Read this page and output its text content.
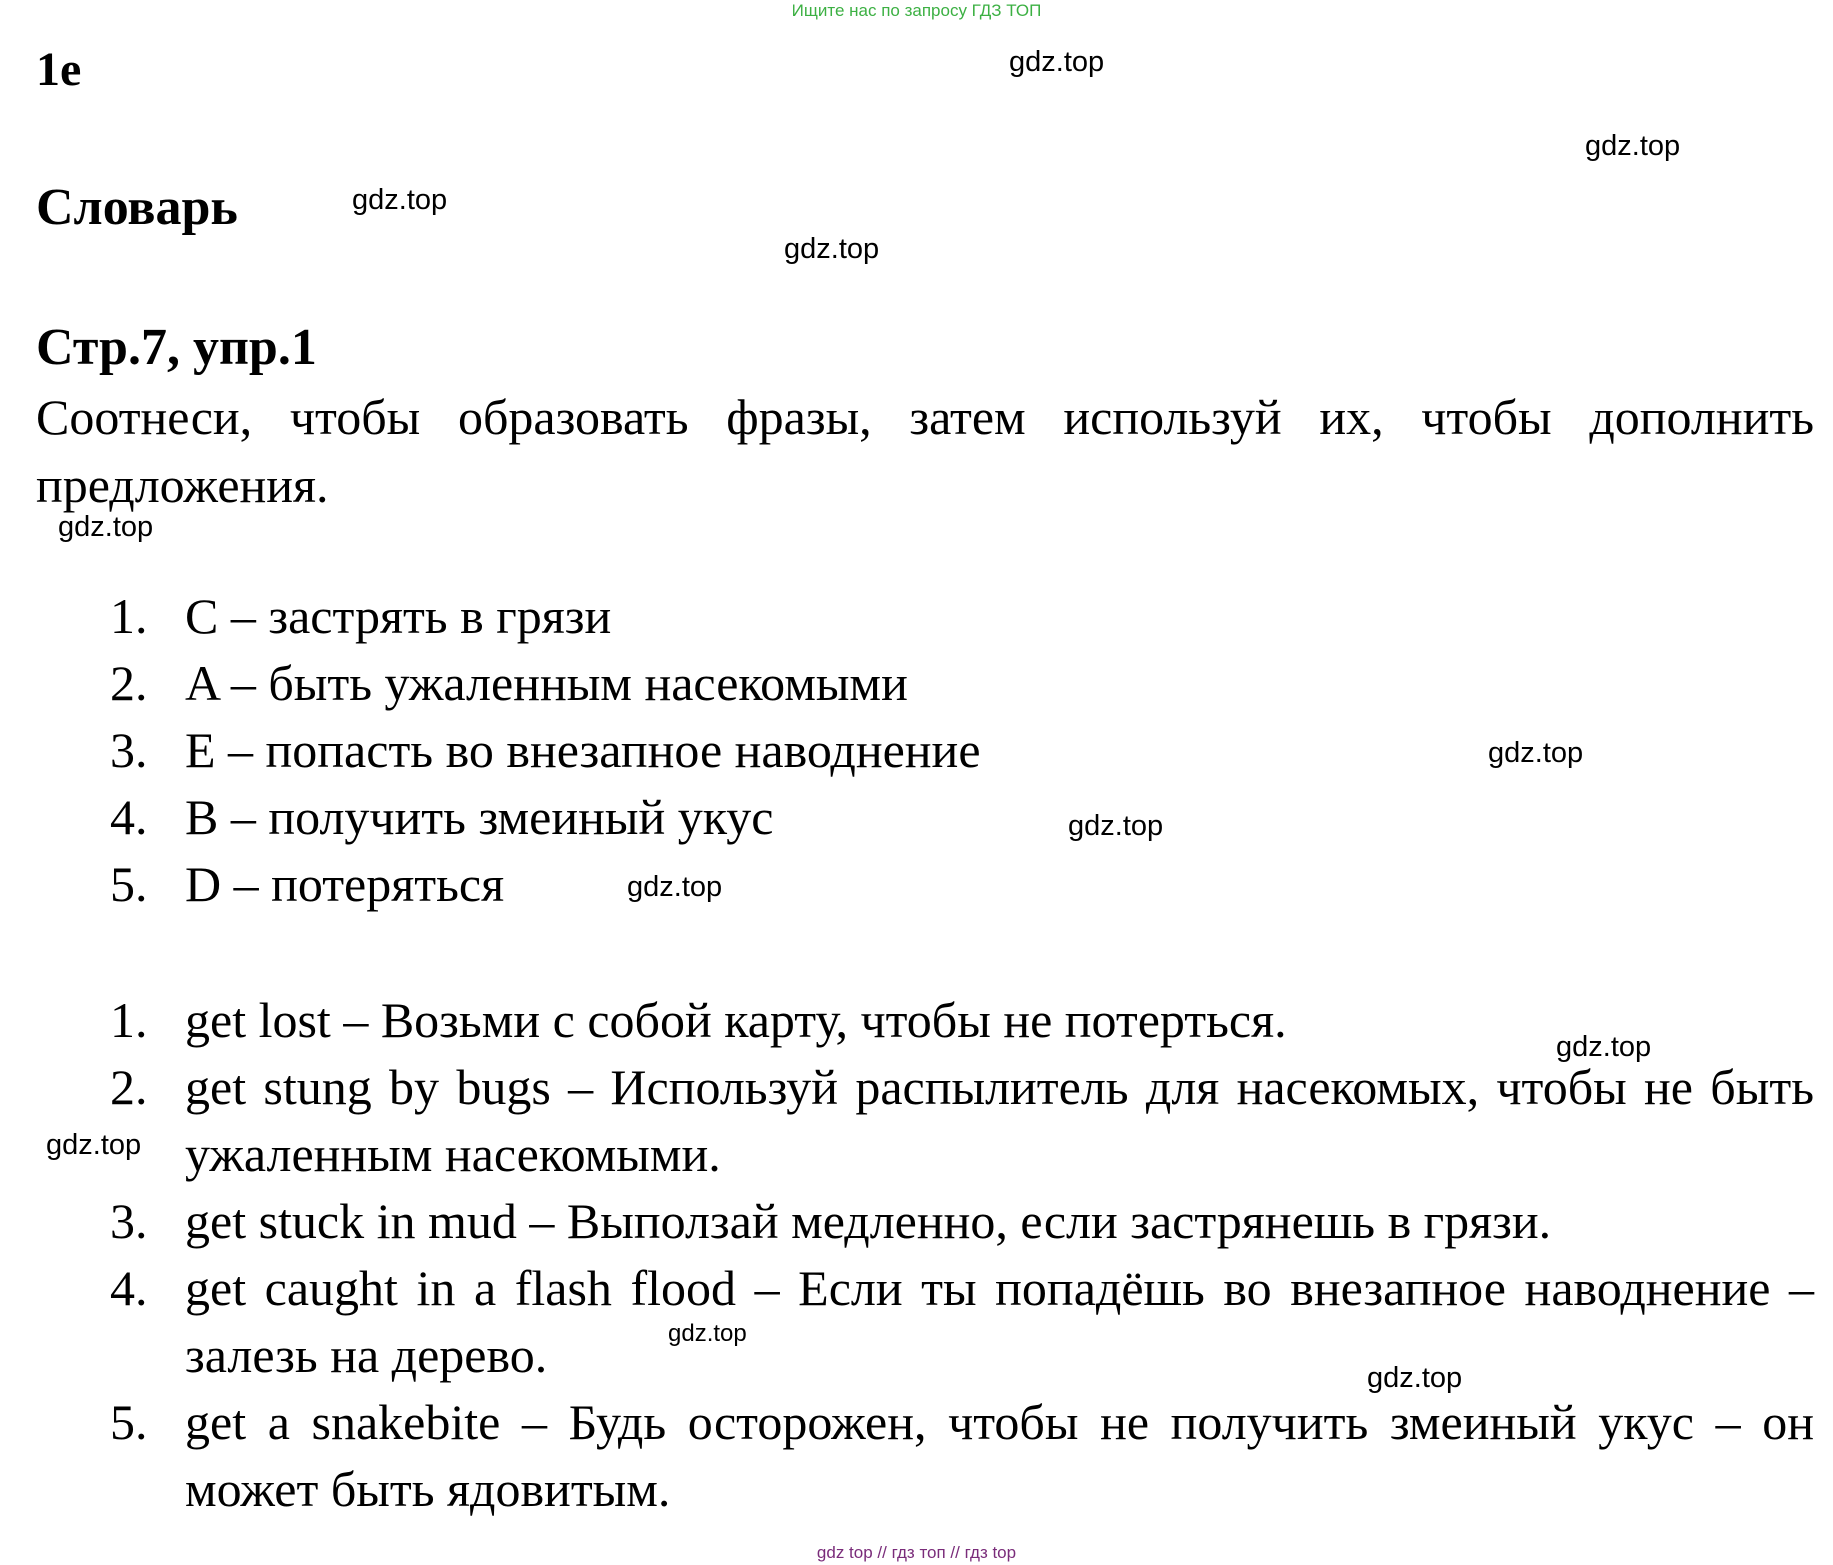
Ищите нас по запросу ГДЗ ТОП
1e
Словарь
Стр.7, упр.1
Соотнеси, чтобы образовать фразы, затем используй их, чтобы дополнить предложения.
1. C – застрять в грязи
2. A – быть ужаленным насекомыми
3. E – попасть во внезапное наводнение
4. B – получить змеиный укус
5. D – потеряться
1. get lost – Возьми с собой карту, чтобы не потерться.
2. get stung by bugs – Используй распылитель для насекомых, чтобы не быть ужаленным насекомыми.
3. get stuck in mud – Выползай медленно, если застрянешь в грязи.
4. get caught in a flash flood – Если ты попадёшь во внезапное наводнение – залезь на дерево.
5. get a snakebite – Будь осторожен, чтобы не получить змеиный укус – он может быть ядовитым.
gdz.top
gdz.top
gdz.top
gdz.top
gdz.top
gdz.top
gdz.top
gdz.top
gdz.top
gdz.top
gdz.top
gdz.top
gdz top // гдз топ // гдз top
